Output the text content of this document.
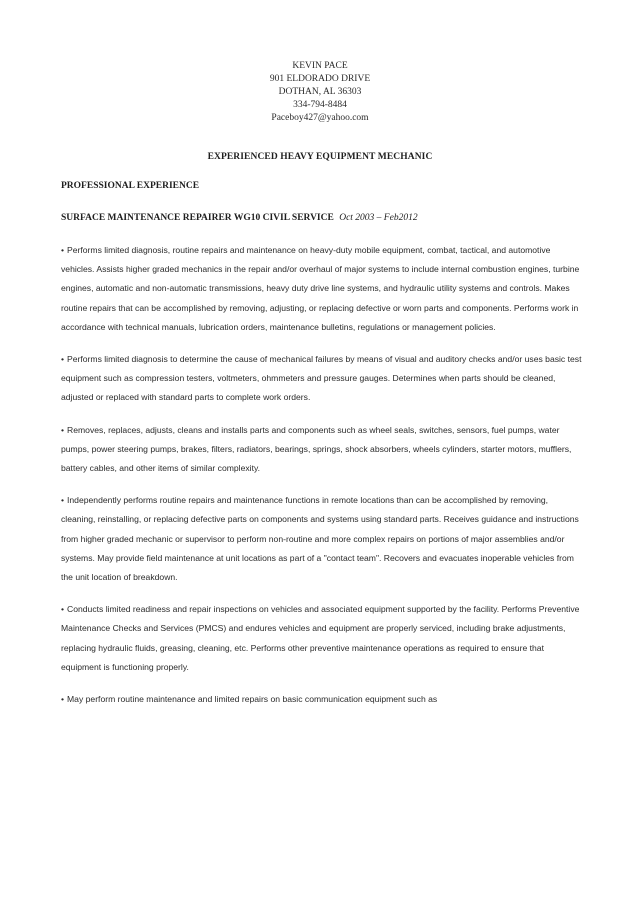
KEVIN PACE
901 ELDORADO DRIVE
DOTHAN, AL 36303
334-794-8484
Paceboy427@yahoo.com
EXPERIENCED HEAVY EQUIPMENT MECHANIC
PROFESSIONAL EXPERIENCE
SURFACE MAINTENANCE REPAIRER WG10 CIVIL SERVICE Oct 2003 – Feb2012

• Performs limited diagnosis, routine repairs and maintenance on heavy-duty mobile equipment, combat, tactical, and automotive vehicles. Assists higher graded mechanics in the repair and/or overhaul of major systems to include internal combustion engines, turbine engines, automatic and non-automatic transmissions, heavy duty drive line systems, and hydraulic utility systems and controls. Makes routine repairs that can be accomplished by removing, adjusting, or replacing defective or worn parts and components. Performs work in accordance with technical manuals, lubrication orders, maintenance bulletins, regulations or management policies.

• Performs limited diagnosis to determine the cause of mechanical failures by means of visual and auditory checks and/or uses basic test equipment such as compression testers, voltmeters, ohmmeters and pressure gauges. Determines when parts should be cleaned, adjusted or replaced with standard parts to complete work orders.

• Removes, replaces, adjusts, cleans and installs parts and components such as wheel seals, switches, sensors, fuel pumps, water pumps, power steering pumps, brakes, filters, radiators, bearings, springs, shock absorbers, wheels cylinders, starter motors, mufflers, battery cables, and other items of similar complexity.

• Independently performs routine repairs and maintenance functions in remote locations than can be accomplished by removing, cleaning, reinstalling, or replacing defective parts on components and systems using standard parts. Receives guidance and instructions from higher graded mechanic or supervisor to perform non-routine and more complex repairs on portions of major assemblies and/or systems. May provide field maintenance at unit locations as part of a "contact team". Recovers and evacuates inoperable vehicles from the unit location of breakdown.

• Conducts limited readiness and repair inspections on vehicles and associated equipment supported by the facility. Performs Preventive Maintenance Checks and Services (PMCS) and endures vehicles and equipment are properly serviced, including brake adjustments, replacing hydraulic fluids, greasing, cleaning, etc. Performs other preventive maintenance operations as required to ensure that equipment is functioning properly.

• May perform routine maintenance and limited repairs on basic communication equipment such as
